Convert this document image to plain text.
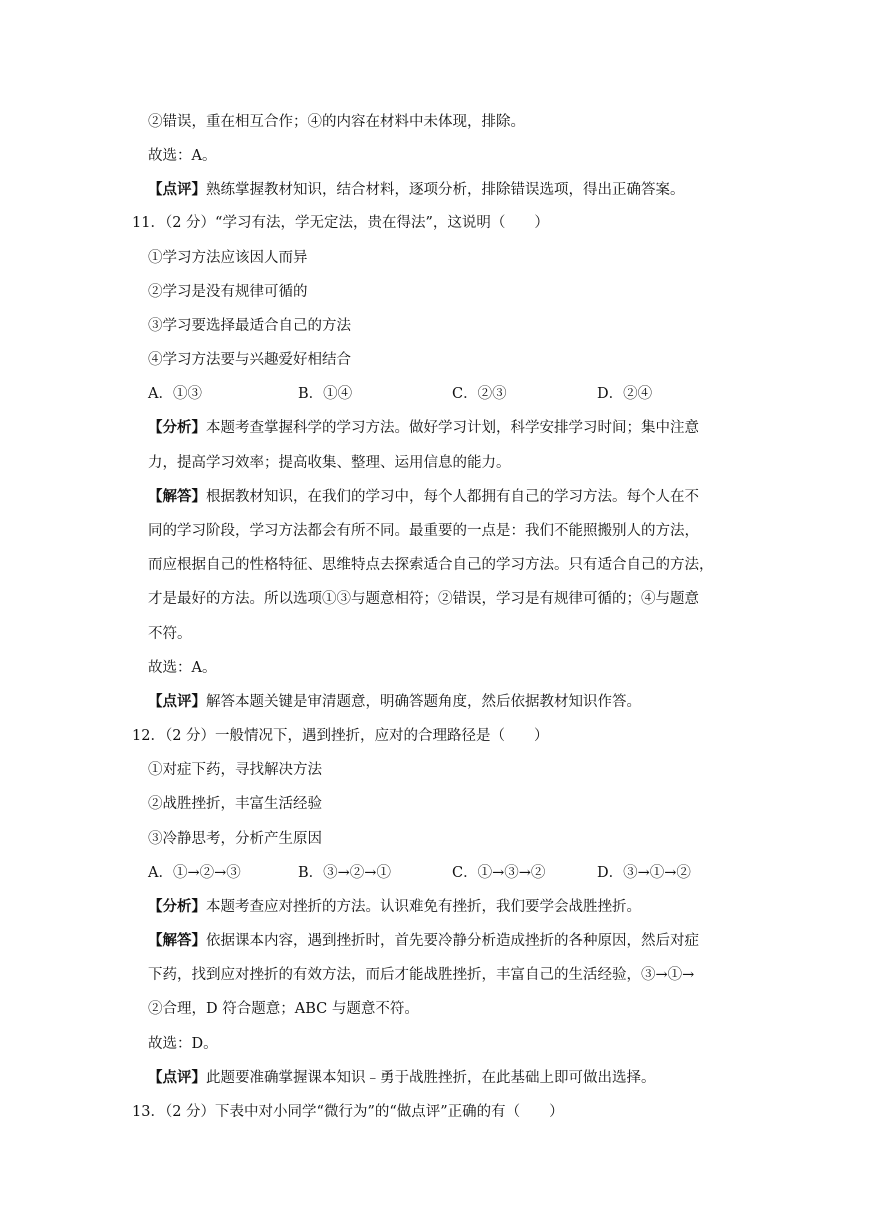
②错误，重在相互合作；④的内容在材料中未体现，排除。
故选：A。
【点评】熟练掌握教材知识，结合材料，逐项分析，排除错误选项，得出正确答案。
11．（2 分）“学习有法，学无定法，贵在得法”，这说明（　　）
①学习方法应该因人而异
②学习是没有规律可循的
③学习要选择最适合自己的方法
④学习方法要与兴趣爱好相结合
A．①③	B．①④	C．②③	D．②④
【分析】本题考查掌握科学的学习方法。做好学习计划，科学安排学习时间；集中注意
力，提高学习效率；提高收集、整理、运用信息的能力。
【解答】根据教材知识，在我们的学习中，每个人都拥有自己的学习方法。每个人在不
同的学习阶段，学习方法都会有所不同。最重要的一点是：我们不能照搬别人的方法，
而应根据自己的性格特征、思维特点去探索适合自己的学习方法。只有适合自己的方法，
才是最好的方法。所以选项①③与题意相符；②错误，学习是有规律可循的；④与题意
不符。
故选：A。
【点评】解答本题关键是审清题意，明确答题角度，然后依据教材知识作答。
12．（2 分）一般情况下，遇到挫折，应对的合理路径是（　　）
①对症下药，寻找解决方法
②战胜挫折，丰富生活经验
③冷静思考，分析产生原因
A．①→②→③	B．③→②→①	C．①→③→②	D．③→①→②
【分析】本题考查应对挫折的方法。认识难免有挫折，我们要学会战胜挫折。
【解答】依据课本内容，遇到挫折时，首先要冷静分析造成挫折的各种原因，然后对症
下药，找到应对挫折的有效方法，而后才能战胜挫折，丰富自己的生活经验，③→①→
②合理，D 符合题意；ABC 与题意不符。
故选：D。
【点评】此题要准确掌握课本知识﹣勇于战胜挫折，在此基础上即可做出选择。
13．（2 分）下表中对小同学“微行为”的“做点评”正确的有（　　）
